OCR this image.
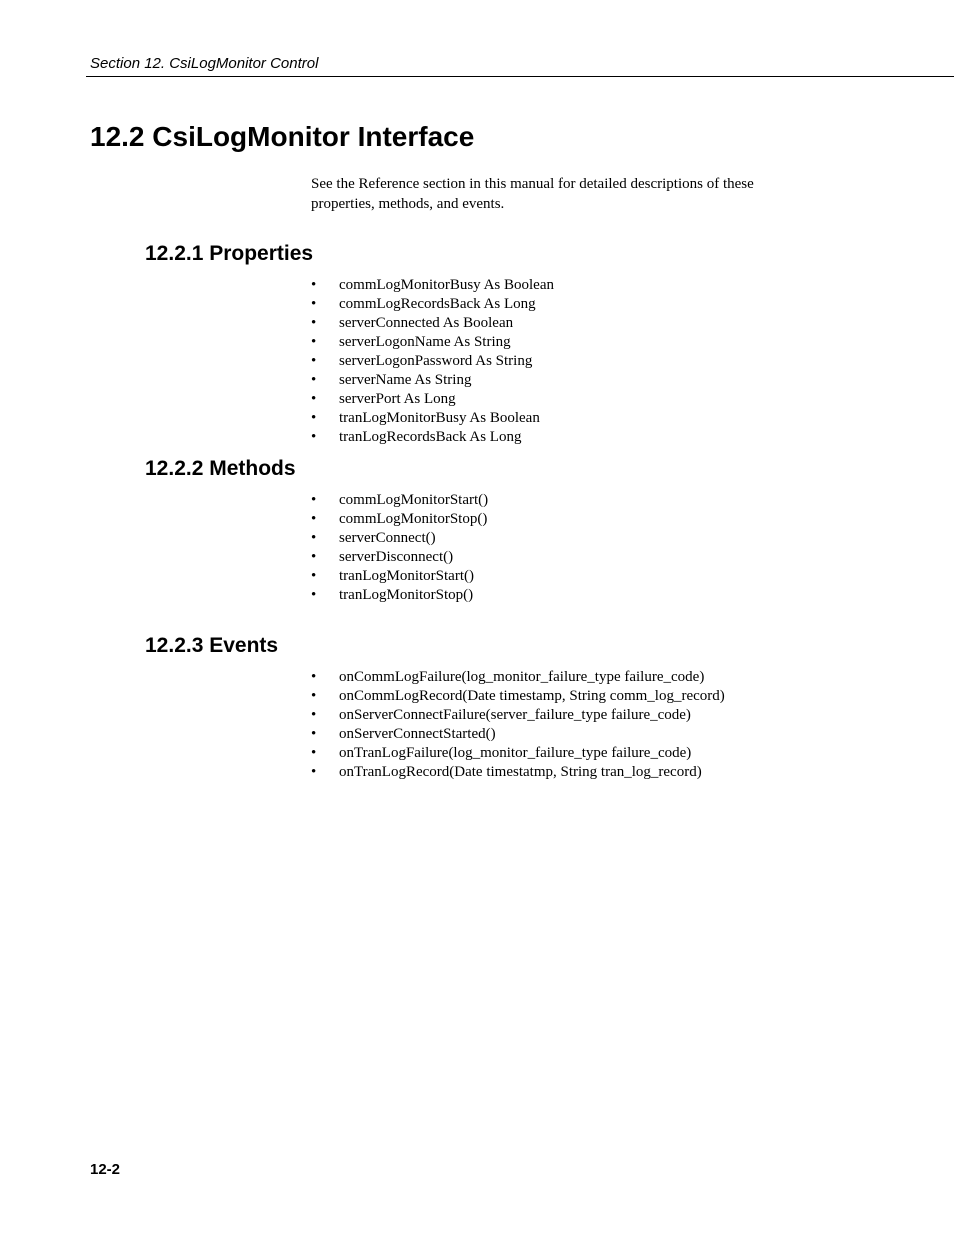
Section 12. CsiLogMonitor Control
12.2 CsiLogMonitor Interface

See the Reference section in this manual for detailed descriptions of these properties, methods, and events.

12.2.1 Properties
•	commLogMonitorBusy As Boolean
•	commLogRecordsBack As Long
•	serverConnected As Boolean
•	serverLogonName As String
•	serverLogonPassword As String
•	serverName As String
•	serverPort As Long
•	tranLogMonitorBusy As Boolean
•	tranLogRecordsBack As Long
12.2.2 Methods
•	commLogMonitorStart()
•	commLogMonitorStop()
•	serverConnect()
•	serverDisconnect()
•	tranLogMonitorStart()
•	tranLogMonitorStop()
12.2.3 Events
•	onCommLogFailure(log_monitor_failure_type failure_code)
•	onCommLogRecord(Date timestamp, String comm_log_record)
•	onServerConnectFailure(server_failure_type failure_code)
•	onServerConnectStarted()
•	onTranLogFailure(log_monitor_failure_type failure_code)
•	onTranLogRecord(Date timestatmp, String tran_log_record)
12-2
